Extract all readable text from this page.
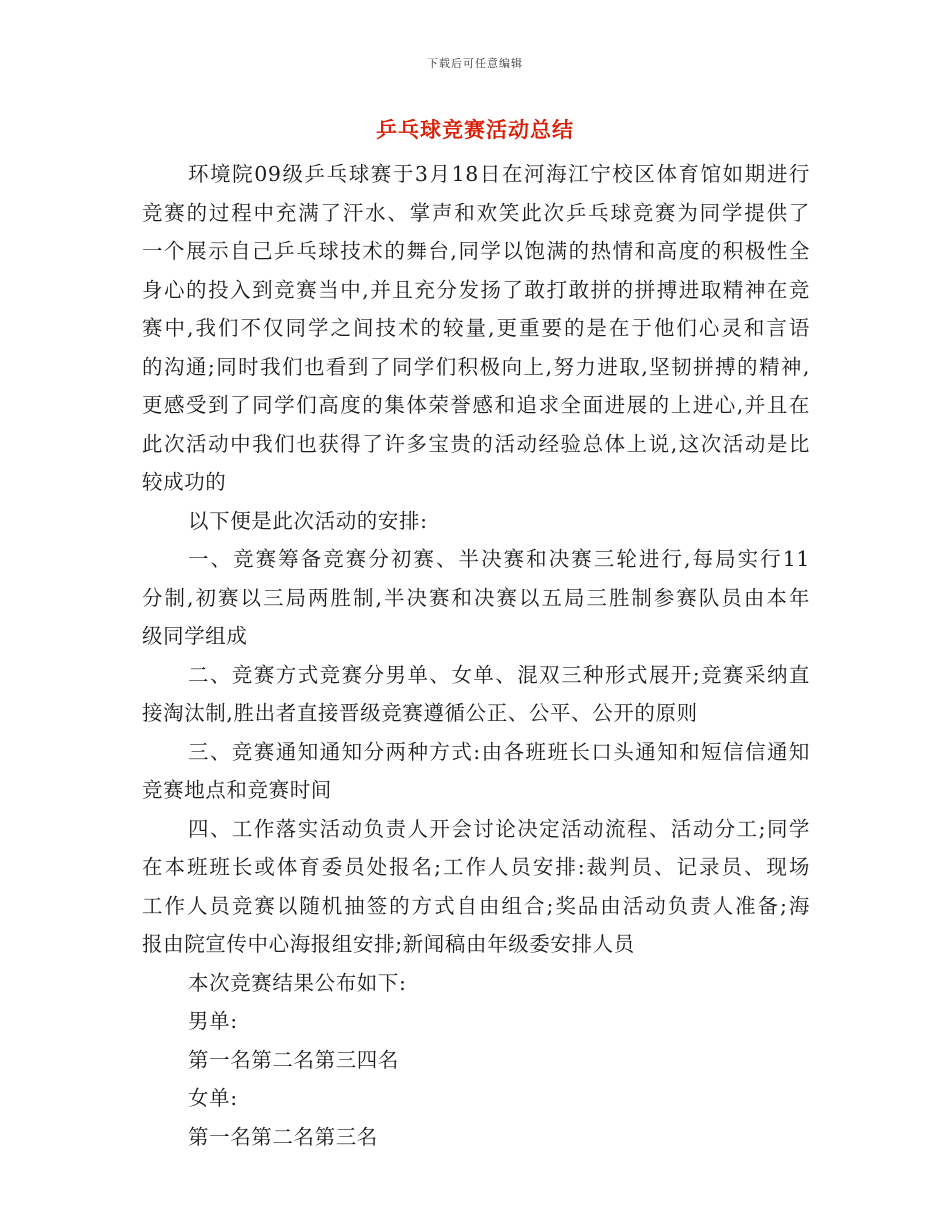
下载后可任意编辑
乒乓球竞赛活动总结
环境院09级乒乓球赛于3月18日在河海江宁校区体育馆如期进行
竞赛的过程中充满了汗水、掌声和欢笑此次乒乓球竞赛为同学提供了
一个展示自己乒乓球技术的舞台,同学以饱满的热情和高度的积极性全
身心的投入到竞赛当中,并且充分发扬了敢打敢拼的拼搏进取精神在竞
赛中,我们不仅同学之间技术的较量,更重要的是在于他们心灵和言语
的沟通;同时我们也看到了同学们积极向上,努力进取,坚韧拼搏的精神,
更感受到了同学们高度的集体荣誉感和追求全面进展的上进心,并且在
此次活动中我们也获得了许多宝贵的活动经验总体上说,这次活动是比
较成功的
以下便是此次活动的安排:
一、竞赛筹备竞赛分初赛、半决赛和决赛三轮进行,每局实行11
分制,初赛以三局两胜制,半决赛和决赛以五局三胜制参赛队员由本年
级同学组成
二、竞赛方式竞赛分男单、女单、混双三种形式展开;竞赛采纳直
接淘汰制,胜出者直接晋级竞赛遵循公正、公平、公开的原则
三、竞赛通知通知分两种方式:由各班班长口头通知和短信信通知
竞赛地点和竞赛时间
四、工作落实活动负责人开会讨论决定活动流程、活动分工;同学
在本班班长或体育委员处报名;工作人员安排:裁判员、记录员、现场
工作人员竞赛以随机抽签的方式自由组合;奖品由活动负责人准备;海
报由院宣传中心海报组安排;新闻稿由年级委安排人员
本次竞赛结果公布如下:
男单:
第一名第二名第三四名
女单:
第一名第二名第三名
